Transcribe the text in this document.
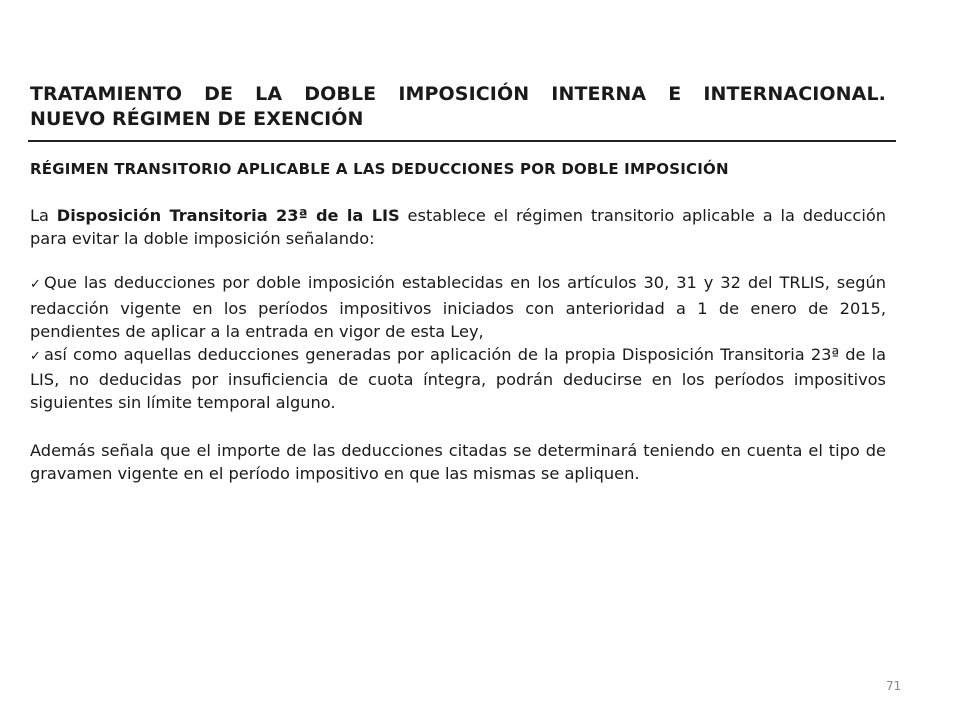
TRATAMIENTO DE LA DOBLE IMPOSICIÓN INTERNA E INTERNACIONAL.
NUEVO RÉGIMEN DE EXENCIÓN
RÉGIMEN TRANSITORIO APLICABLE A LAS DEDUCCIONES POR DOBLE IMPOSICIÓN

La Disposición Transitoria 23ª de la LIS establece el régimen transitorio aplicable a la deducción para evitar la doble imposición señalando:

✓ Que las deducciones por doble imposición establecidas en los artículos 30, 31 y 32 del TRLIS, según redacción vigente en los períodos impositivos iniciados con anterioridad a 1 de enero de 2015, pendientes de aplicar a la entrada en vigor de esta Ley,
✓ así como aquellas deducciones generadas por aplicación de la propia Disposición Transitoria 23ª de la LIS, no deducidas por insuficiencia de cuota íntegra, podrán deducirse en los períodos impositivos siguientes sin límite temporal alguno.

Además señala que el importe de las deducciones citadas se determinará teniendo en cuenta el tipo de gravamen vigente en el período impositivo en que las mismas se apliquen.

71
